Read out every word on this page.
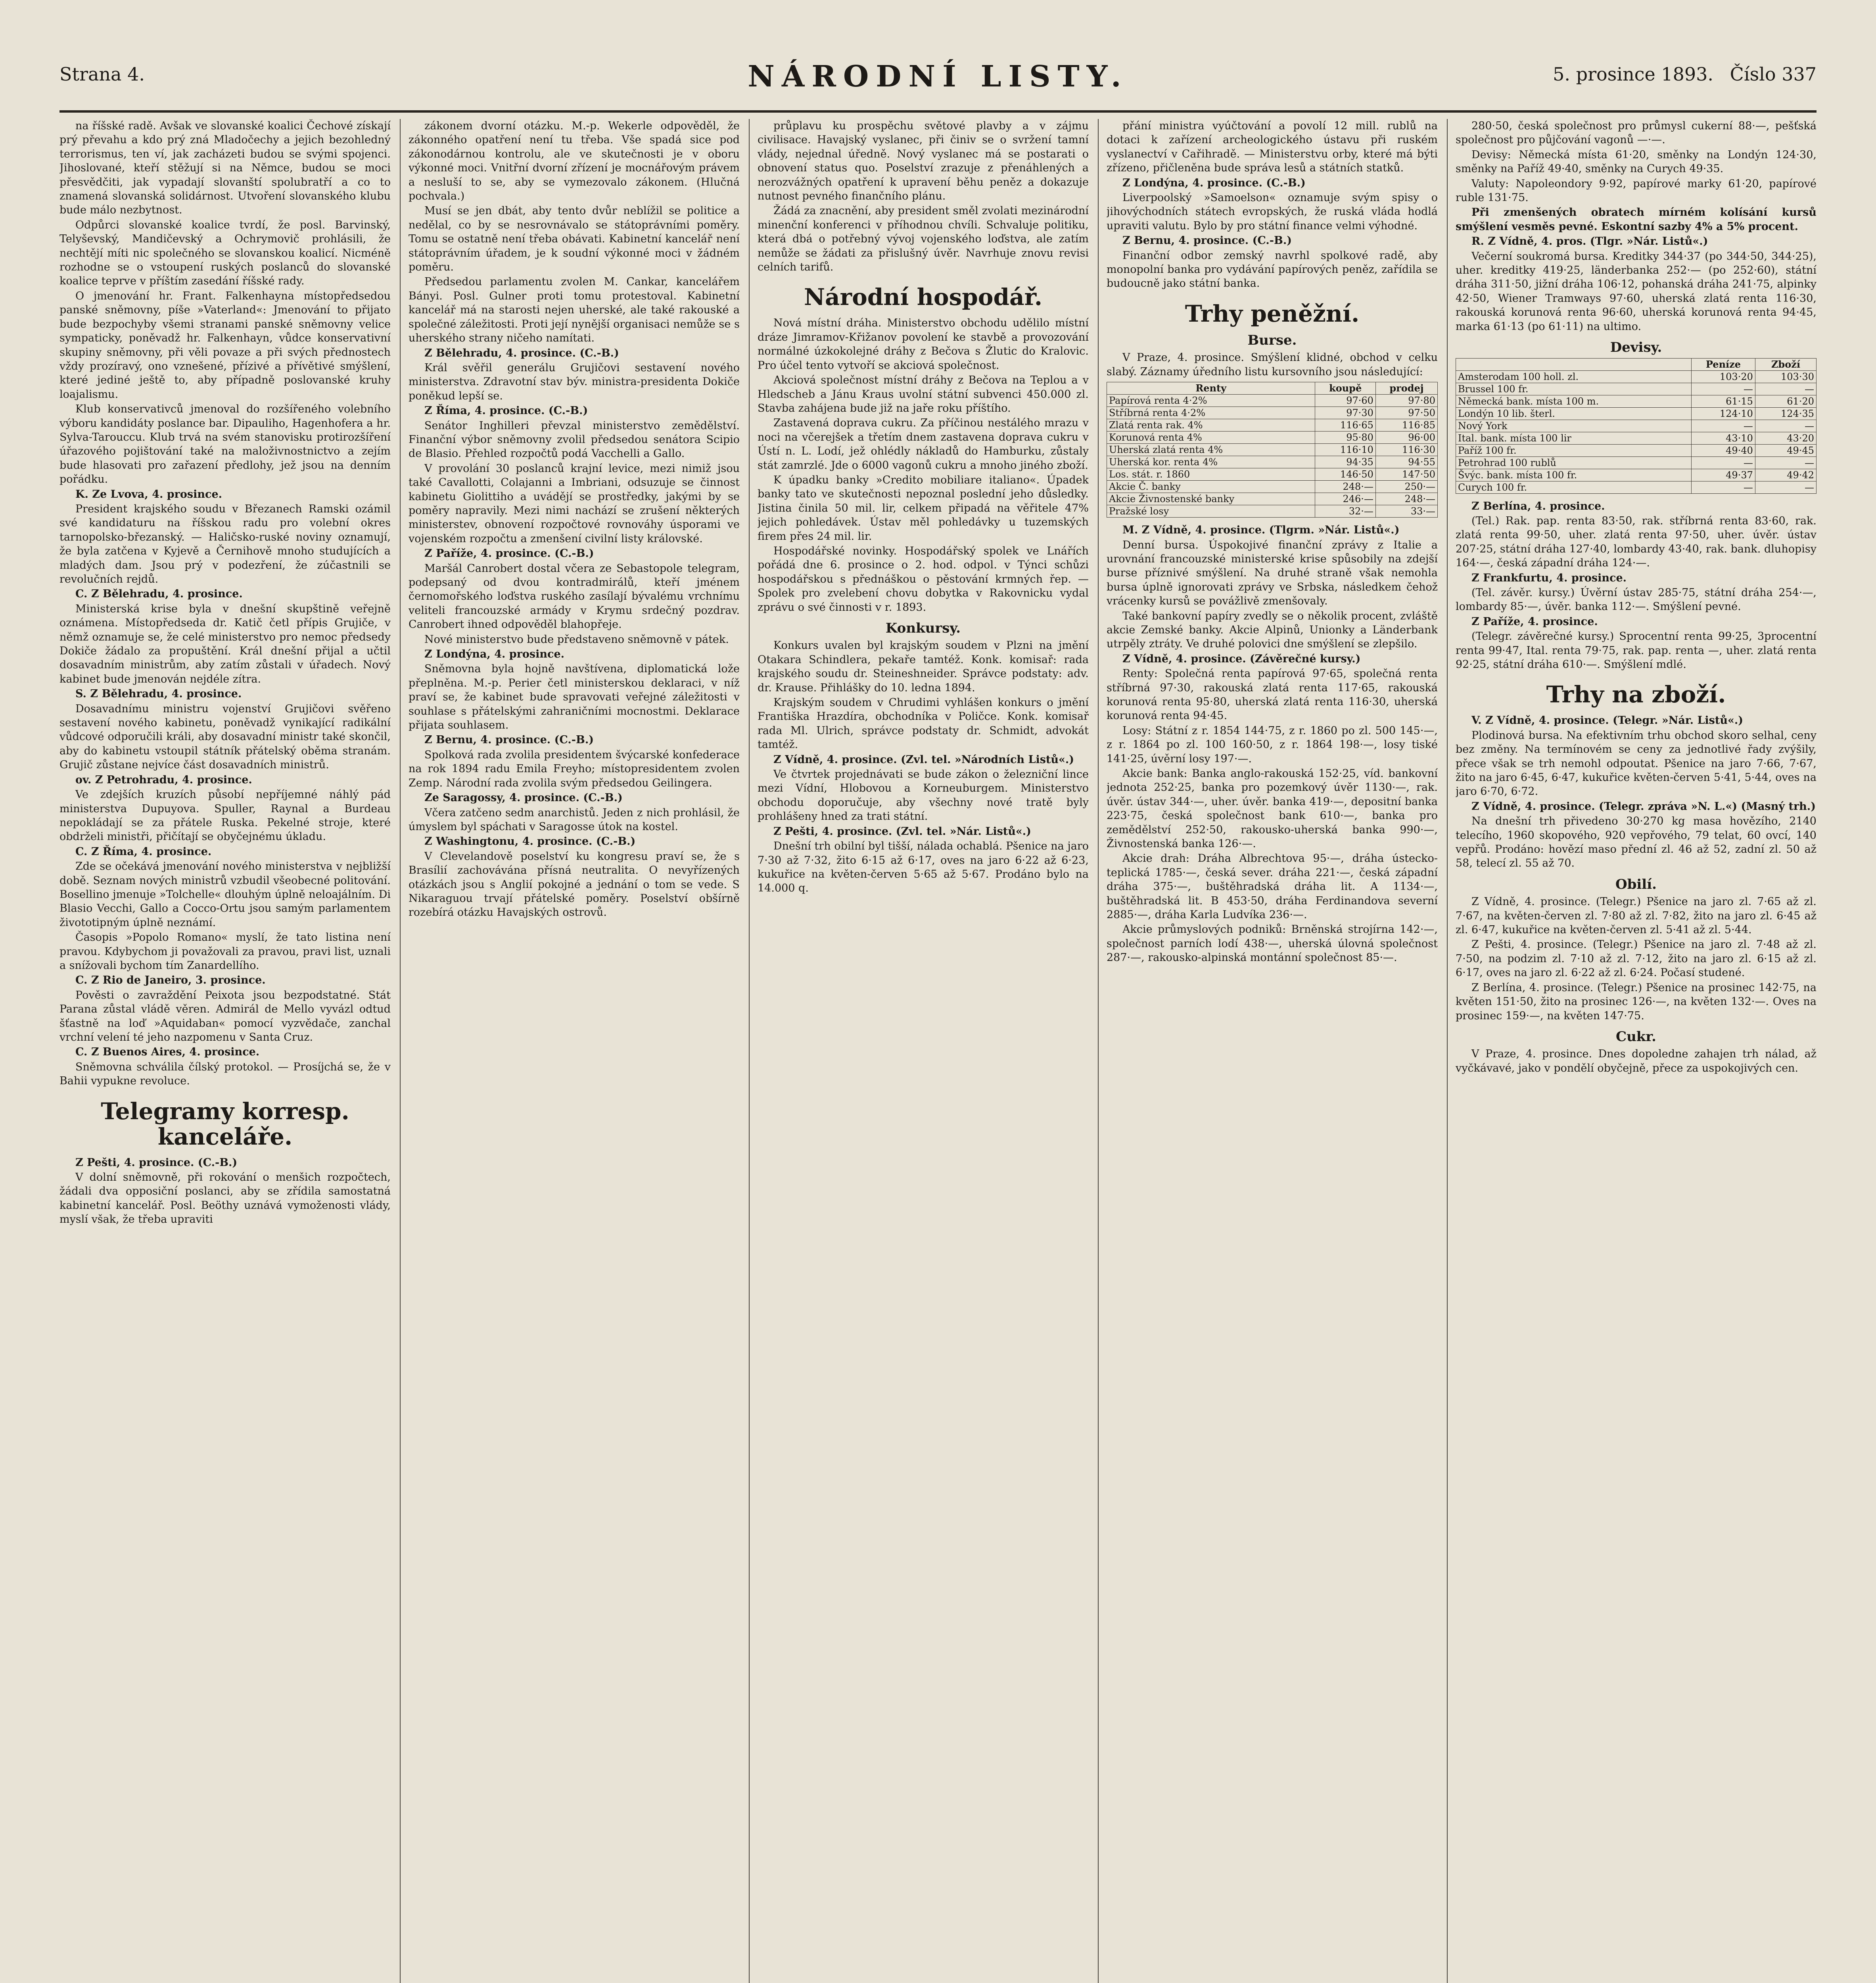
Strana 4.	NÁRODNÍ LISTY.	5. prosince 1893. Číslo 337

na říšské radě. Avšak ve slovanské koalici Čechové získají prý převahu a kdo prý zná Mladočechy a jejich bezohledný terrorismus, ten ví, jak zacházeti budou se svými spojenci. Jihoslované, kteří stěžují si na Němce, budou se moci přesvědčiti, jak vypadají slovanští spolubratří a co to znamená slovanská solidárnost. Utvoření slovanského klubu bude málo nezbytnost.

Odpůrci slovanské koalice tvrdí, že posl. Barvinský, Telyševský, Mandičevský a Ochrymovič prohlásili, že nechtějí míti nic společného se slovanskou koalicí. Nicméně rozhodne se o vstoupení ruských poslanců do slovanské koalice teprve v příštím zasedání říšské rady.

O jmenování hr. Frant. Falkenhayna místopředsedou panské sněmovny, píše »Vaterland«: Jmenování to přijato bude bezpochyby všemi stranami panské sněmovny velice sympaticky, poněvadž hr. Falkenhayn, vůdce konservativní skupiny sněmovny, při věli povaze a při svých přednostech vždy prozíravý, ono vznešené, přízivé a přívětivé smýšlení, které jediné ještě to, aby případně poslovanské kruhy loajalismu.

Klub konservativců jmenoval do rozšířeného volebního výboru kandidáty poslance bar. Dipauliho, Hagenhofera a hr. Sylva-Tarouccu. Klub trvá na svém stanovisku protirozšíření úřazového pojištování také na maloživnostnictvo a zejím bude hlasovati pro zařazení předlohy, jež jsou na denním pořádku.

K. Ze Lvova, 4. prosince.

President krajského soudu v Březanech Ramski ozámil své kandidaturu na říšskou radu pro volební okres tarnopolsko-březanský. — Haličsko-ruské noviny oznamují, že byla zatčena v Kyjevě a Černihově mnoho studujících a mladých dam. Jsou prý v podezření, že zúčastnili se revolučních rejdů.

C. Z Bělehradu, 4. prosince.

Ministerská krise byla v dnešní skupštině veřejně oznámena. Místopředseda dr. Katič četl přípis Grujiče, v němž oznamuje se, že celé ministerstvo pro nemoc předsedy Dokiče žádalo za propuštění. Král dnešní přijal a učtil dosavadním ministrům, aby zatím zůstali v úřadech. Nový kabinet bude jmenován nejdéle zítra.

S. Z Bělehradu, 4. prosince.

Dosavadnímu ministru vojenství Grujičovi svěřeno sestavení nového kabinetu, poněvadž vynikající radikální vůdcové odporučili králi, aby dosavadní ministr také skončil, aby do kabinetu vstoupil státník přátelský oběma stranám. Grujič zůstane nejvíce část dosavadních ministrů.

ov. Z Petrohradu, 4. prosince.

Ve zdejších kruzích působí nepříjemné náhlý pád ministerstva Dupuyova. Spuller, Raynal a Burdeau nepokládají se za přátele Ruska. Pekelné stroje, které obdrželi ministři, přičítají se obyčejnému úkladu.

C. Z Říma, 4. prosince.

Zde se očekává jmenování nového ministerstva v nejbližší době. Seznam nových ministrů vzbudil všeobecné politování. Bosellino jmenuje »Tolchelle« dlouhým úplně neloajálním. Di Blasio Vecchi, Gallo a Cocco-Ortu jsou samým parlamentem živototipným úplně neznámí.

Časopis »Popolo Romano« myslí, že tato listina není pravou. Kdybychom ji považovali za pravou, pravi list, uznali a snížovali bychom tím Zanardellího.

C. Z Rio de Janeiro, 3. prosince.

Pověsti o zavraždění Peixota jsou bezpodstatné. Stát Parana zůstal vládě věren. Admirál de Mello vyvázl odtud šťastně na loď »Aquidaban« pomocí vyzvědače, zanchal vrchní velení té jeho nazpomenu v Santa Cruz.

C. Z Buenos Aires, 4. prosince.

Sněmovna schválila čílský protokol. — Prosíjchá se, že v Bahii vypukne revoluce.

Telegramy korresp. kanceláře.

Z Pešti, 4. prosince. (C.-B.)

V dolní sněmovně, při rokování o menšich rozpočtech, žádali dva opposiční poslanci, aby se zřídila samostatná kabinetní kancelář. Posl. Beöthy uznává vymoženosti vlády, myslí však, že třeba upraviti

zákonem dvorní otázku. M.-p. Wekerle odpověděl, že zákonného opatření není tu třeba. Vše spadá sice pod zákonodárnou kontrolu, ale ve skutečnosti je v oboru výkonné moci. Vnitřní dvorní zřízení je mocnářovým právem a nesluší to se, aby se vymezovalo zákonem. (Hlučná pochvala.)

Musí se jen dbát, aby tento dvůr neblížil se politice a nedělal, co by se nesrovnávalo se státoprávními poměry. Tomu se ostatně není třeba obávati. Kabinetní kancelář není státoprávním úřadem, je k soudní výkonné moci v žádném poměru.

Předsedou parlamentu zvolen M. Cankar, kancelářem Bányi. Posl. Gulner proti tomu protestoval. Kabinetní kancelář má na starosti nejen uherské, ale také rakouské a společné záležitosti. Proti její nynější organisaci nemůže se s uherského strany ničeho namítati.

Z Bělehradu, 4. prosince. (C.-B.)

Král svěřil generálu Grujičovi sestavení nového ministerstva. Zdravotní stav býv. ministra-presidenta Dokiče poněkud lepší se.

Z Říma, 4. prosince. (C.-B.)

Senátor Inghilleri převzal ministerstvo zemědělství. Finanční výbor sněmovny zvolil předsedou senátora Scipio de Blasio. Přehled rozpočtů podá Vacchelli a Gallo.

V provolání 30 poslanců krajní levice, mezi nimiž jsou také Cavallotti, Colajanni a Imbriani, odsuzuje se činnost kabinetu Giolittiho a uvádějí se prostředky, jakými by se poměry napravily. Mezi nimi nachází se zrušení některých ministerstev, obnovení rozpočtové rovnováhy úsporami ve vojenském rozpočtu a zmenšení civilní listy královské.

Z Paříže, 4. prosince. (C.-B.)

Maršál Canrobert dostal včera ze Sebastopole telegram, podepsaný od dvou kontradmirálů, kteří jménem černomořského loďstva ruského zasílají bývalému vrchnímu veliteli francouzské armády v Krymu srdečný pozdrav. Canrobert ihned odpověděl blahopřeje.

Nové ministerstvo bude představeno sněmovně v pátek.

Z Londýna, 4. prosince.

Sněmovna byla hojně navštívena, diplomatická lože přeplněna. M.-p. Perier četl ministerskou deklaraci, v níž praví se, že kabinet bude spravovati veřejné záležitosti v souhlase s přátelskými zahraničními mocnostmi. Deklarace přijata souhlasem.

Z Bernu, 4. prosince. (C.-B.)

Spolková rada zvolila presidentem švýcarské konfederace na rok 1894 radu Emila Freyho; místopresidentem zvolen Zemp. Národní rada zvolila svým předsedou Geilingera.

Ze Saragossy, 4. prosince. (C.-B.)

Včera zatčeno sedm anarchistů. Jeden z nich prohlásil, že úmyslem byl spáchati v Saragosse útok na kostel.

Z Washingtonu, 4. prosince. (C.-B.)

V Clevelandově poselství ku kongresu praví se, že s Brasílií zachovávána přísná neutralita. O nevyřízených otázkách jsou s Anglií pokojné a jednání o tom se vede. S Nikaraguou trvají přátelské poměry. Poselství obšírně rozebírá otázku Havajských ostrovů.

průplavu ku prospěchu světové plavby a v zájmu civilisace. Havajský vyslanec, při činiv se o svržení tamní vlády, nejednal úředně. Nový vyslanec má se postarati o obnovení status quo. Poselství zrazuje z přenáhlených a nerozvážných opatření k upravení běhu peněz a dokazuje nutnost pevného finančního plánu.

Žádá za znacnění, aby president směl zvolati mezinárodní minenční konferenci v příhodnou chvíli. Schvaluje politiku, která dbá o potřebný vývoj vojenského loďstva, ale zatím nemůže se žádati za přislušný úvěr. Navrhuje znovu revisi celních tarifů.

Národní hospodář.

Nová místní dráha. Ministerstvo obchodu udělilo místní dráze Jimramov-Křižanov povolení ke stavbě a provozování normálné úzkokolejné dráhy z Bečova s Žlutic do Kralovic. Pro účel tento vytvoří se akciová společnost.

Akciová společnost místní dráhy z Bečova na Teplou a v Hledscheb a Jánu Kraus uvolní státní subvenci 450.000 zl. Stavba zahájena bude již na jaře roku příštího.

Zastavená doprava cukru. Za příčinou nestálého mrazu v noci na včerejšek a třetím dnem zastavena doprava cukru v Ústí n. L. Lodí, jež ohlédly nákladů do Hamburku, zůstaly stát zamrzlé. Jde o 6000 vagonů cukru a mnoho jiného zboží.

K úpadku banky »Credito mobiliare italiano«. Úpadek banky tato ve skutečnosti nepoznal poslední jeho důsledky. Jistina činila 50 mil. lir, celkem připadá na věřitele 47% jejich pohledávek. Ústav měl pohledávky u tuzemských firem přes 24 mil. lir.

Hospodářské novinky. Hospodářský spolek ve Lnářích pořádá dne 6. prosince o 2. hod. odpol. v Týnci schůzi hospodářskou s přednáškou o pěstování krmných řep. — Spolek pro zvelebení chovu dobytka v Rakovnicku vydal zprávu o své činnosti v r. 1893.

Konkursy.

Konkurs uvalen byl krajským soudem v Plzni na jmění Otakara Schindlera, pekaře tamtéž. Konk. komisař: rada krajského soudu dr. Steineshneider. Správce podstaty: adv. dr. Krause. Přihlášky do 10. ledna 1894.

Krajským soudem v Chrudimi vyhlášen konkurs o jmění Františka Hrazdíra, obchodníka v Poličce. Konk. komisař rada Ml. Ulrich, správce podstaty dr. Schmidt, advokát tamtéž.

Z Vídně, 4. prosince. (Zvl. tel. »Národních Listů«.)

Ve čtvrtek projednávati se bude zákon o železniční lince mezi Vídní, Hlobovou a Korneuburgem. Ministerstvo obchodu doporučuje, aby všechny nové tratě byly prohlášeny hned za trati státní.

Z Pešti, 4. prosince. (Zvl. tel. »Nár. Listů«.)

Dnešní trh obilní byl tišší, nálada ochablá. Pšenice na jaro 7·30 až 7·32, žito 6·15 až 6·17, oves na jaro 6·22 až 6·23, kukuřice na květen-červen 5·65 až 5·67. Prodáno bylo na 14.000 q.

přání ministra vyúčtování a povolí 12 mill. rublů na dotaci k zařízení archeologického ústavu při ruském vyslanectví v Cařihradě. — Ministerstvu orby, které má býti zřízeno, přičleněna bude správa lesů a státních statků.

Z Londýna, 4. prosince. (C.-B.)

Liverpoolský »Samoelson« oznamuje svým spisy o jihovýchodních státech evropských, že ruská vláda hodlá upraviti valutu. Bylo by pro státní finance velmi výhodné.

Z Bernu, 4. prosince. (C.-B.)

Finanční odbor zemský navrhl spolkové radě, aby monopolní banka pro vydávání papírových peněz, zařídila se budoucně jako státní banka.

Trhy peněžní.

Burse.

V Praze, 4. prosince. Smýšlení klidné, obchod v celku slabý. Záznamy úředního listu kursovního jsou následující:

Renty	koupě	prodej
Papírová renta 4·2%	97·60	97·80
Stříbrná renta 4·2%	97·30	97·50
Zlatá renta rak. 4%	116·65	116·85
Korunová renta 4%	95·80	96·00
Uherská zlatá renta 4%	116·10	116·30
Uherská kor. renta 4%	94·35	94·55
Los. stát. r. 1860	146·50	147·50
Akcie Č. banky	248·—	250·—
Akcie Živnostenské banky	246·—	248·—
Pražské losy	32·—	33·—

M. Z Vídně, 4. prosince. (Tlgrm. »Nár. Listů«.)

Denní bursa. Úspokojivé finanční zprávy z Italie a urovnání francouzské ministerské krise spůsobily na zdejší burse příznivé smýšlení. Na druhé straně však nemohla bursa úplně ignorovati zprávy ve Srbska, následkem čehož vrácenky kursů se povážlivě zmenšovaly.

Také bankovní papíry zvedly se o několik procent, zvláště akcie Zemské banky. Akcie Alpinů, Unionky a Länderbank utrpěly ztráty. Ve druhé polovici dne smýšlení se zlepšilo.

Z Vídně, 4. prosince. (Závěrečné kursy.)

Renty: Společná renta papírová 97·65, společná renta stříbrná 97·30, rakouská zlatá renta 117·65, rakouská korunová renta 95·80, uherská zlatá renta 116·30, uherská korunová renta 94·45.

Losy: Státní z r. 1854 144·75, z r. 1860 po zl. 500 145·—, z r. 1864 po zl. 100 160·50, z r. 1864 198·—, losy tiské 141·25, úvěrní losy 197·—.

Akcie bank: Banka anglo-rakouská 152·25, víd. bankovní jednota 252·25, banka pro pozemkový úvěr 1130·—, rak. úvěr. ústav 344·—, uher. úvěr. banka 419·—, depositní banka 223·75, česká společnost bank 610·—, banka pro zemědělství 252·50, rakousko-uherská banka 990·—, Živnostenská banka 126·—.

Akcie drah: Dráha Albrechtova 95·—, dráha ústecko-teplická 1785·—, česká sever. dráha 221·—, česká západní dráha 375·—, buštěhradská dráha lit. A 1134·—, buštěhradská lit. B 453·50, dráha Ferdinandova severní 2885·—, dráha Karla Ludvíka 236·—.

Akcie průmyslových podniků: Brněnská strojírna 142·—, společnost parních lodí 438·—, uherská úlovná společnost 287·—, rakousko-alpinská montánní společnost 85·—.

280·50, česká společnost pro průmysl cukerní 88·—, pešťská společnost pro půjčování vagonů —·—.

Devisy: Německá místa 61·20, směnky na Londýn 124·30, směnky na Paříž 49·40, směnky na Curych 49·35.

Valuty: Napoleondory 9·92, papírové marky 61·20, papírové ruble 131·75.

Při zmenšených obratech mírném kolísání kursů smýšlení vesměs pevné. Eskontní sazby 4% a 5% procent.

R. Z Vídně, 4. pros. (Tlgr. »Nár. Listů«.)

Večerní soukromá bursa. Kreditky 344·37 (po 344·50, 344·25), uher. kreditky 419·25, länderbanka 252·— (po 252·60), státní dráha 311·50, jižní dráha 106·12, pohanská dráha 241·75, alpinky 42·50, Wiener Tramways 97·60, uherská zlatá renta 116·30, rakouská korunová renta 96·60, uherská korunová renta 94·45, marka 61·13 (po 61·11) na ultimo.

Devisy.

	Peníze	Zboží
Amsterodam 100 holl. zl.	103·20	103·30
Brussel 100 fr.	—	—
Německá bank. místa 100 m.	61·15	61·20
Londýn 10 lib. šterl.	124·10	124·35
Nový York	—	—
Ital. bank. místa 100 lir	43·10	43·20
Paříž 100 fr.	49·40	49·45
Petrohrad 100 rublů	—	—
Švýc. bank. místa 100 fr.	49·37	49·42
Curych 100 fr.	—	—

Z Berlína, 4. prosince.

(Tel.) Rak. pap. renta 83·50, rak. stříbrná renta 83·60, rak. zlatá renta 99·50, uher. zlatá renta 97·50, uher. úvěr. ústav 207·25, státní dráha 127·40, lombardy 43·40, rak. bank. dluhopisy 164·—, česká západní dráha 124·—.

Z Frankfurtu, 4. prosince.

(Tel. závěr. kursy.) Úvěrní ústav 285·75, státní dráha 254·—, lombardy 85·—, úvěr. banka 112·—. Smýšlení pevné.

Z Paříže, 4. prosince.

(Telegr. závěrečné kursy.) Sprocentní renta 99·25, 3procentní renta 99·47, Ital. renta 79·75, rak. pap. renta —, uher. zlatá renta 92·25, státní dráha 610·—. Smýšlení mdlé.

Trhy na zboží.

V. Z Vídně, 4. prosince. (Telegr. »Nár. Listů«.)

Plodinová bursa. Na efektivním trhu obchod skoro selhal, ceny bez změny. Na termínovém se ceny za jednotlivé řady zvýšily, přece však se trh nemohl odpoutat. Pšenice na jaro 7·66, 7·67, žito na jaro 6·45, 6·47, kukuřice květen-červen 5·41, 5·44, oves na jaro 6·70, 6·72.

Z Vídně, 4. prosince. (Telegr. zpráva »N. L.«) (Masný trh.)

Na dnešní trh přivedeno 30·270 kg masa hovězího, 2140 telecího, 1960 skopového, 920 vepřového, 79 telat, 60 ovcí, 140 vepřů. Prodáno: hovězí maso přední zl. 46 až 52, zadní zl. 50 až 58, telecí zl. 55 až 70.

Obilí.

Z Vídně, 4. prosince. (Telegr.) Pšenice na jaro zl. 7·65 až zl. 7·67, na květen-červen zl. 7·80 až zl. 7·82, žito na jaro zl. 6·45 až zl. 6·47, kukuřice na květen-červen zl. 5·41 až zl. 5·44.

Z Pešti, 4. prosince. (Telegr.) Pšenice na jaro zl. 7·48 až zl. 7·50, na podzim zl. 7·10 až zl. 7·12, žito na jaro zl. 6·15 až zl. 6·17, oves na jaro zl. 6·22 až zl. 6·24. Počasí studené.

Z Berlína, 4. prosince. (Telegr.) Pšenice na prosinec 142·75, na květen 151·50, žito na prosinec 126·—, na květen 132·—. Oves na prosinec 159·—, na květen 147·75.

Cukr.

V Praze, 4. prosince. Dnes dopoledne zahajen trh nálad, až vyčkávavé, jako v pondělí obyčejně, přece za uspokojivých cen.
